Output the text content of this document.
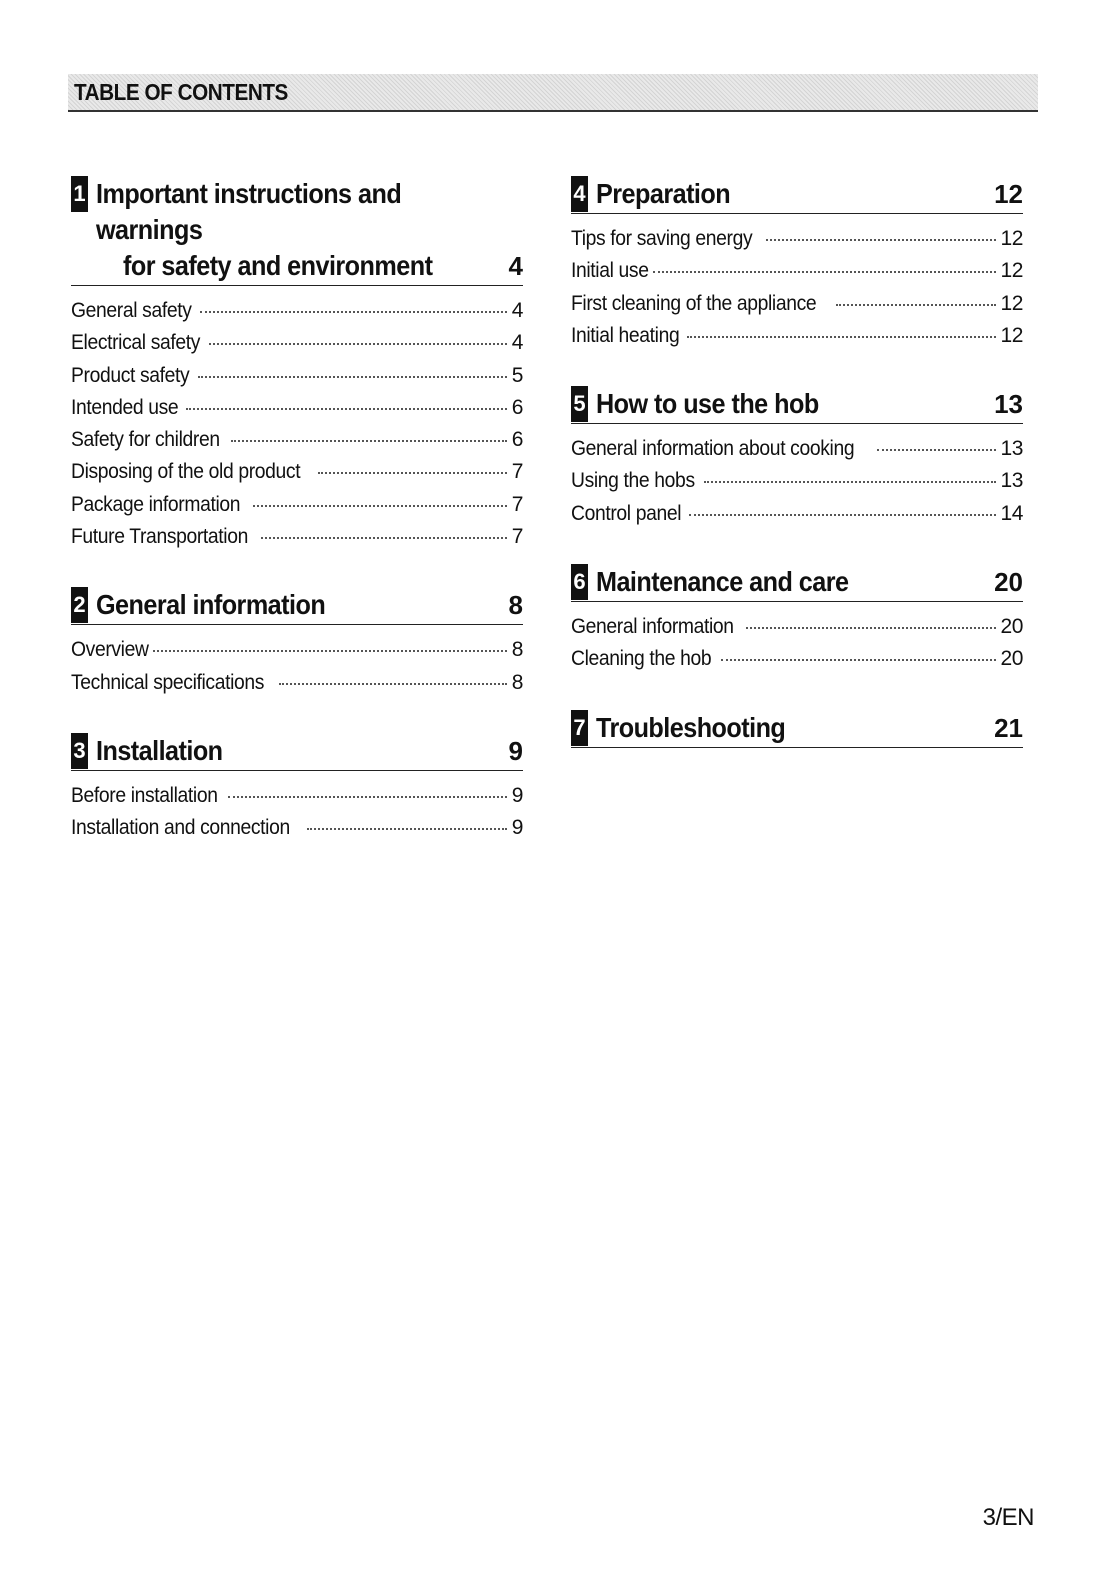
TABLE OF CONTENTS
1 Important instructions and warnings
for safety and environment	4
General safety	4
Electrical safety	4
Product safety	5
Intended use	6
Safety for children	6
Disposing of the old product	7
Package information	7
Future Transportation	7
2 General information	8
Overview	8
Technical specifications	8
3 Installation	9
Before installation	9
Installation and connection	9
4 Preparation	12
Tips for saving energy	12
Initial use	12
First cleaning of the appliance	12
Initial heating	12
5 How to use the hob	13
General information about cooking	13
Using the hobs	13
Control panel	14
6 Maintenance and care	20
General information	20
Cleaning the hob	20
7 Troubleshooting	21
3/EN
